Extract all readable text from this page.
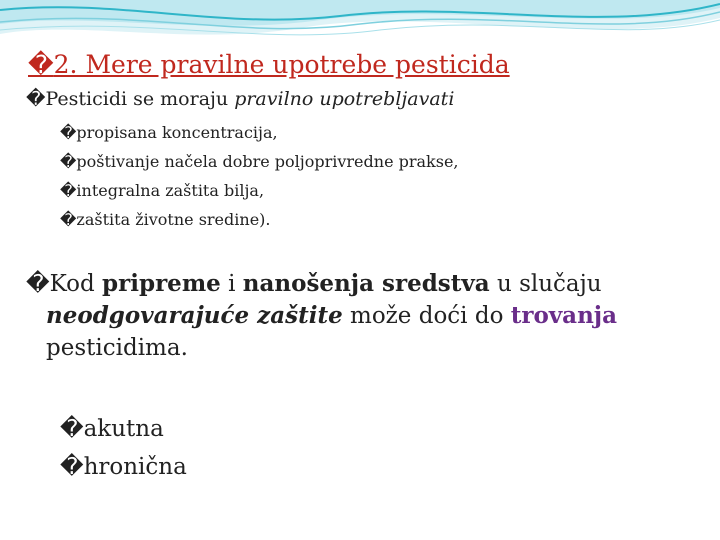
�2. Mere pravilne upotrebe pesticida

�Pesticidi se moraju pravilno upotrebljavati

�propisana koncentracija,
�poštivanje načela dobre poljoprivredne prakse,
�integralna zaštita bilja,
�zaštita životne sredine).
�Kod pripreme i nanošenja sredstva u slučaju
neodgovarajuće zaštite može doći do trovanja
pesticidima.
�akutna
�hronična
